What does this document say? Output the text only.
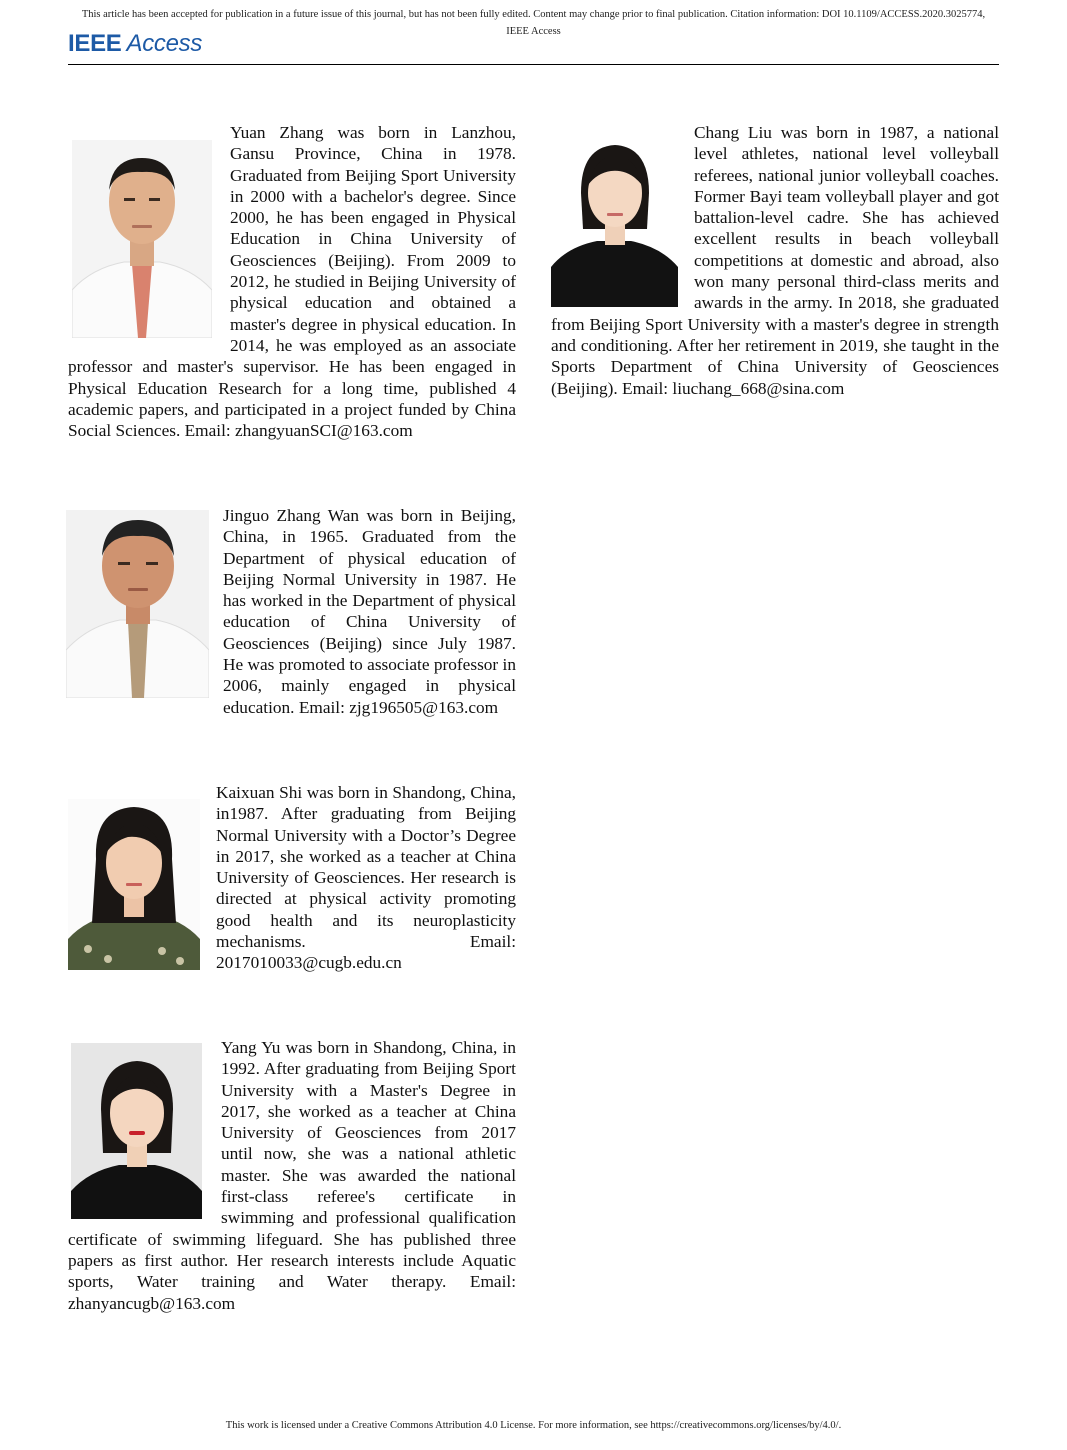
This article has been accepted for publication in a future issue of this journal, but has not been fully edited. Content may change prior to final publication. Citation information: DOI 10.1109/ACCESS.2020.3025774, IEEE Access
IEEE Access
Yuan Zhang was born in Lanzhou, Gansu Province, China in 1978. Graduated from Beijing Sport University in 2000 with a bachelor's degree. Since 2000, he has been engaged in Physical Education in China University of Geosciences (Beijing). From 2009 to 2012, he studied in Beijing University of physical education and obtained a master's degree in physical education. In 2014, he was employed as an associate professor and master's supervisor. He has been engaged in Physical Education Research for a long time, published 4 academic papers, and participated in a project funded by China Social Sciences. Email: zhangyuanSCI@163.com
Jinguo Zhang Wan was born in Beijing, China, in 1965. Graduated from the Department of physical education of Beijing Normal University in 1987. He has worked in the Department of physical education of China University of Geosciences (Beijing) since July 1987. He was promoted to associate professor in 2006, mainly engaged in physical education. Email: zjg196505@163.com
Kaixuan Shi was born in Shandong, China, in1987. After graduating from Beijing Normal University with a Doctor’s Degree in 2017, she worked as a teacher at China University of Geosciences. Her research is directed at physical activity promoting good health and its neuroplasticity mechanisms. Email: 2017010033@cugb.edu.cn
Yang Yu was born in Shandong, China, in 1992. After graduating from Beijing Sport University with a Master's Degree in 2017, she worked as a teacher at China University of Geosciences from 2017 until now, she was a national athletic master. She was awarded the national first-class referee's certificate in swimming and professional qualification certificate of swimming lifeguard. She has published three papers as first author. Her research interests include Aquatic sports, Water training and Water therapy. Email: zhanyancugb@163.com
Chang Liu was born in 1987, a national level athletes, national level volleyball referees, national junior volleyball coaches. Former Bayi team volleyball player and got battalion-level cadre. She has achieved excellent results in beach volleyball competitions at domestic and abroad, also won many personal third-class merits and awards in the army. In 2018, she graduated from Beijing Sport University with a master's degree in strength and conditioning. After her retirement in 2019, she taught in the Sports Department of China University of Geosciences (Beijing). Email: liuchang_668@sina.com
This work is licensed under a Creative Commons Attribution 4.0 License. For more information, see https://creativecommons.org/licenses/by/4.0/.
